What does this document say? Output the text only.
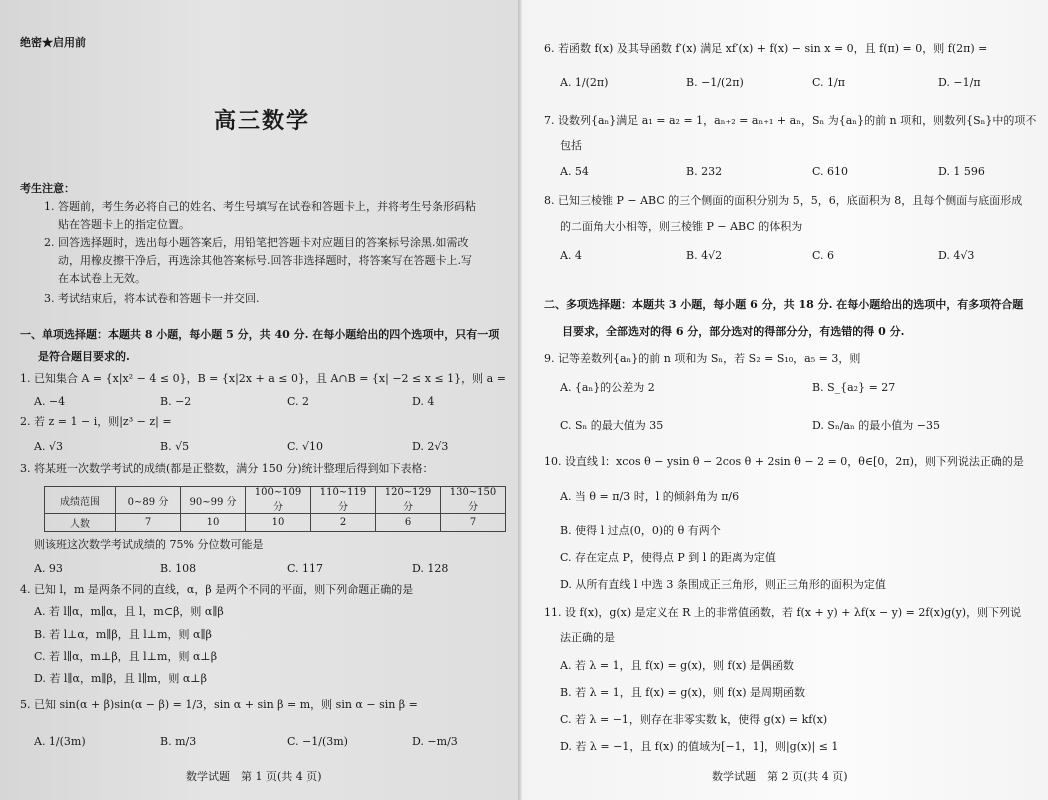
绝密★启用前
高三数学
考生注意：
1. 答题前，考生务必将自己的姓名、考生号填写在试卷和答题卡上，并将考生号条形码粘
贴在答题卡上的指定位置。
2. 回答选择题时，选出每小题答案后，用铅笔把答题卡对应题目的答案标号涂黑.如需改
动，用橡皮擦干净后，再选涂其他答案标号.回答非选择题时，将答案写在答题卡上.写
在本试卷上无效。
3. 考试结束后，将本试卷和答题卡一并交回.
一、单项选择题：本题共 8 小题，每小题 5 分，共 40 分. 在每小题给出的四个选项中，只有一项
是符合题目要求的.
1. 已知集合 A = {x|x² − 4 ≤ 0}，B = {x|2x + a ≤ 0}，且 A∩B = {x| −2 ≤ x ≤ 1}，则 a =
A. −4	B. −2	C. 2	D. 4
2. 若 z = 1 − i，则|z³ − z| =
A. √3	B. √5	C. √10	D. 2√3
3. 将某班一次数学考试的成绩(都是正整数，满分 150 分)统计整理后得到如下表格：
成绩范围	0~89 分	90~99 分	100~109 分	110~119 分	120~129 分	130~150 分
人数	7	10	10	2	6	7
则该班这次数学考试成绩的 75% 分位数可能是
A. 93	B. 108	C. 117	D. 128
4. 已知 l，m 是两条不同的直线，α，β 是两个不同的平面，则下列命题正确的是
A. 若 l∥α，m∥α，且 l，m⊂β，则 α∥β
B. 若 l⊥α，m∥β，且 l⊥m，则 α∥β
C. 若 l∥α，m⊥β，且 l⊥m，则 α⊥β
D. 若 l∥α，m∥β，且 l∥m，则 α⊥β
5. 已知 sin(α + β)sin(α − β) = 1/3，sin α + sin β = m，则 sin α − sin β =
A. 1/(3m)	B. m/3	C. −1/(3m)	D. −m/3
数学试题　第 1 页(共 4 页)
6. 若函数 f(x) 及其导函数 f′(x) 满足 xf′(x) + f(x) − sin x = 0，且 f(π) = 0，则 f(2π) =
A. 1/(2π)	B. −1/(2π)	C. 1/π	D. −1/π
7. 设数列{aₙ}满足 a₁ = a₂ = 1，aₙ₊₂ = aₙ₊₁ + aₙ，Sₙ 为{aₙ}的前 n 项和，则数列{Sₙ}中的项不
包括
A. 54	B. 232	C. 610	D. 1 596
8. 已知三棱锥 P − ABC 的三个侧面的面积分别为 5，5，6，底面积为 8，且每个侧面与底面形成
的二面角大小相等，则三棱锥 P − ABC 的体积为
A. 4	B. 4√2	C. 6	D. 4√3
二、多项选择题：本题共 3 小题，每小题 6 分，共 18 分. 在每小题给出的选项中，有多项符合题
目要求，全部选对的得 6 分，部分选对的得部分分，有选错的得 0 分.
9. 记等差数列{aₙ}的前 n 项和为 Sₙ，若 S₂ = S₁₀，a₅ = 3，则
A. {aₙ}的公差为 2	B. S_{a₂} = 27
C. Sₙ 的最大值为 35	D. Sₙ/aₙ 的最小值为 −35
10. 设直线 l：xcos θ − ysin θ − 2cos θ + 2sin θ − 2 = 0，θ∈[0，2π)，则下列说法正确的是
A. 当 θ = π/3 时，l 的倾斜角为 π/6
B. 使得 l 过点(0，0)的 θ 有两个
C. 存在定点 P，使得点 P 到 l 的距离为定值
D. 从所有直线 l 中选 3 条围成正三角形，则正三角形的面积为定值
11. 设 f(x)，g(x) 是定义在 R 上的非常值函数，若 f(x + y) + λf(x − y) = 2f(x)g(y)，则下列说
法正确的是
A. 若 λ = 1，且 f(x) = g(x)，则 f(x) 是偶函数
B. 若 λ = 1，且 f(x) = g(x)，则 f(x) 是周期函数
C. 若 λ = −1，则存在非零实数 k，使得 g(x) = kf(x)
D. 若 λ = −1，且 f(x) 的值域为[−1，1]，则|g(x)| ≤ 1
数学试题　第 2 页(共 4 页)
